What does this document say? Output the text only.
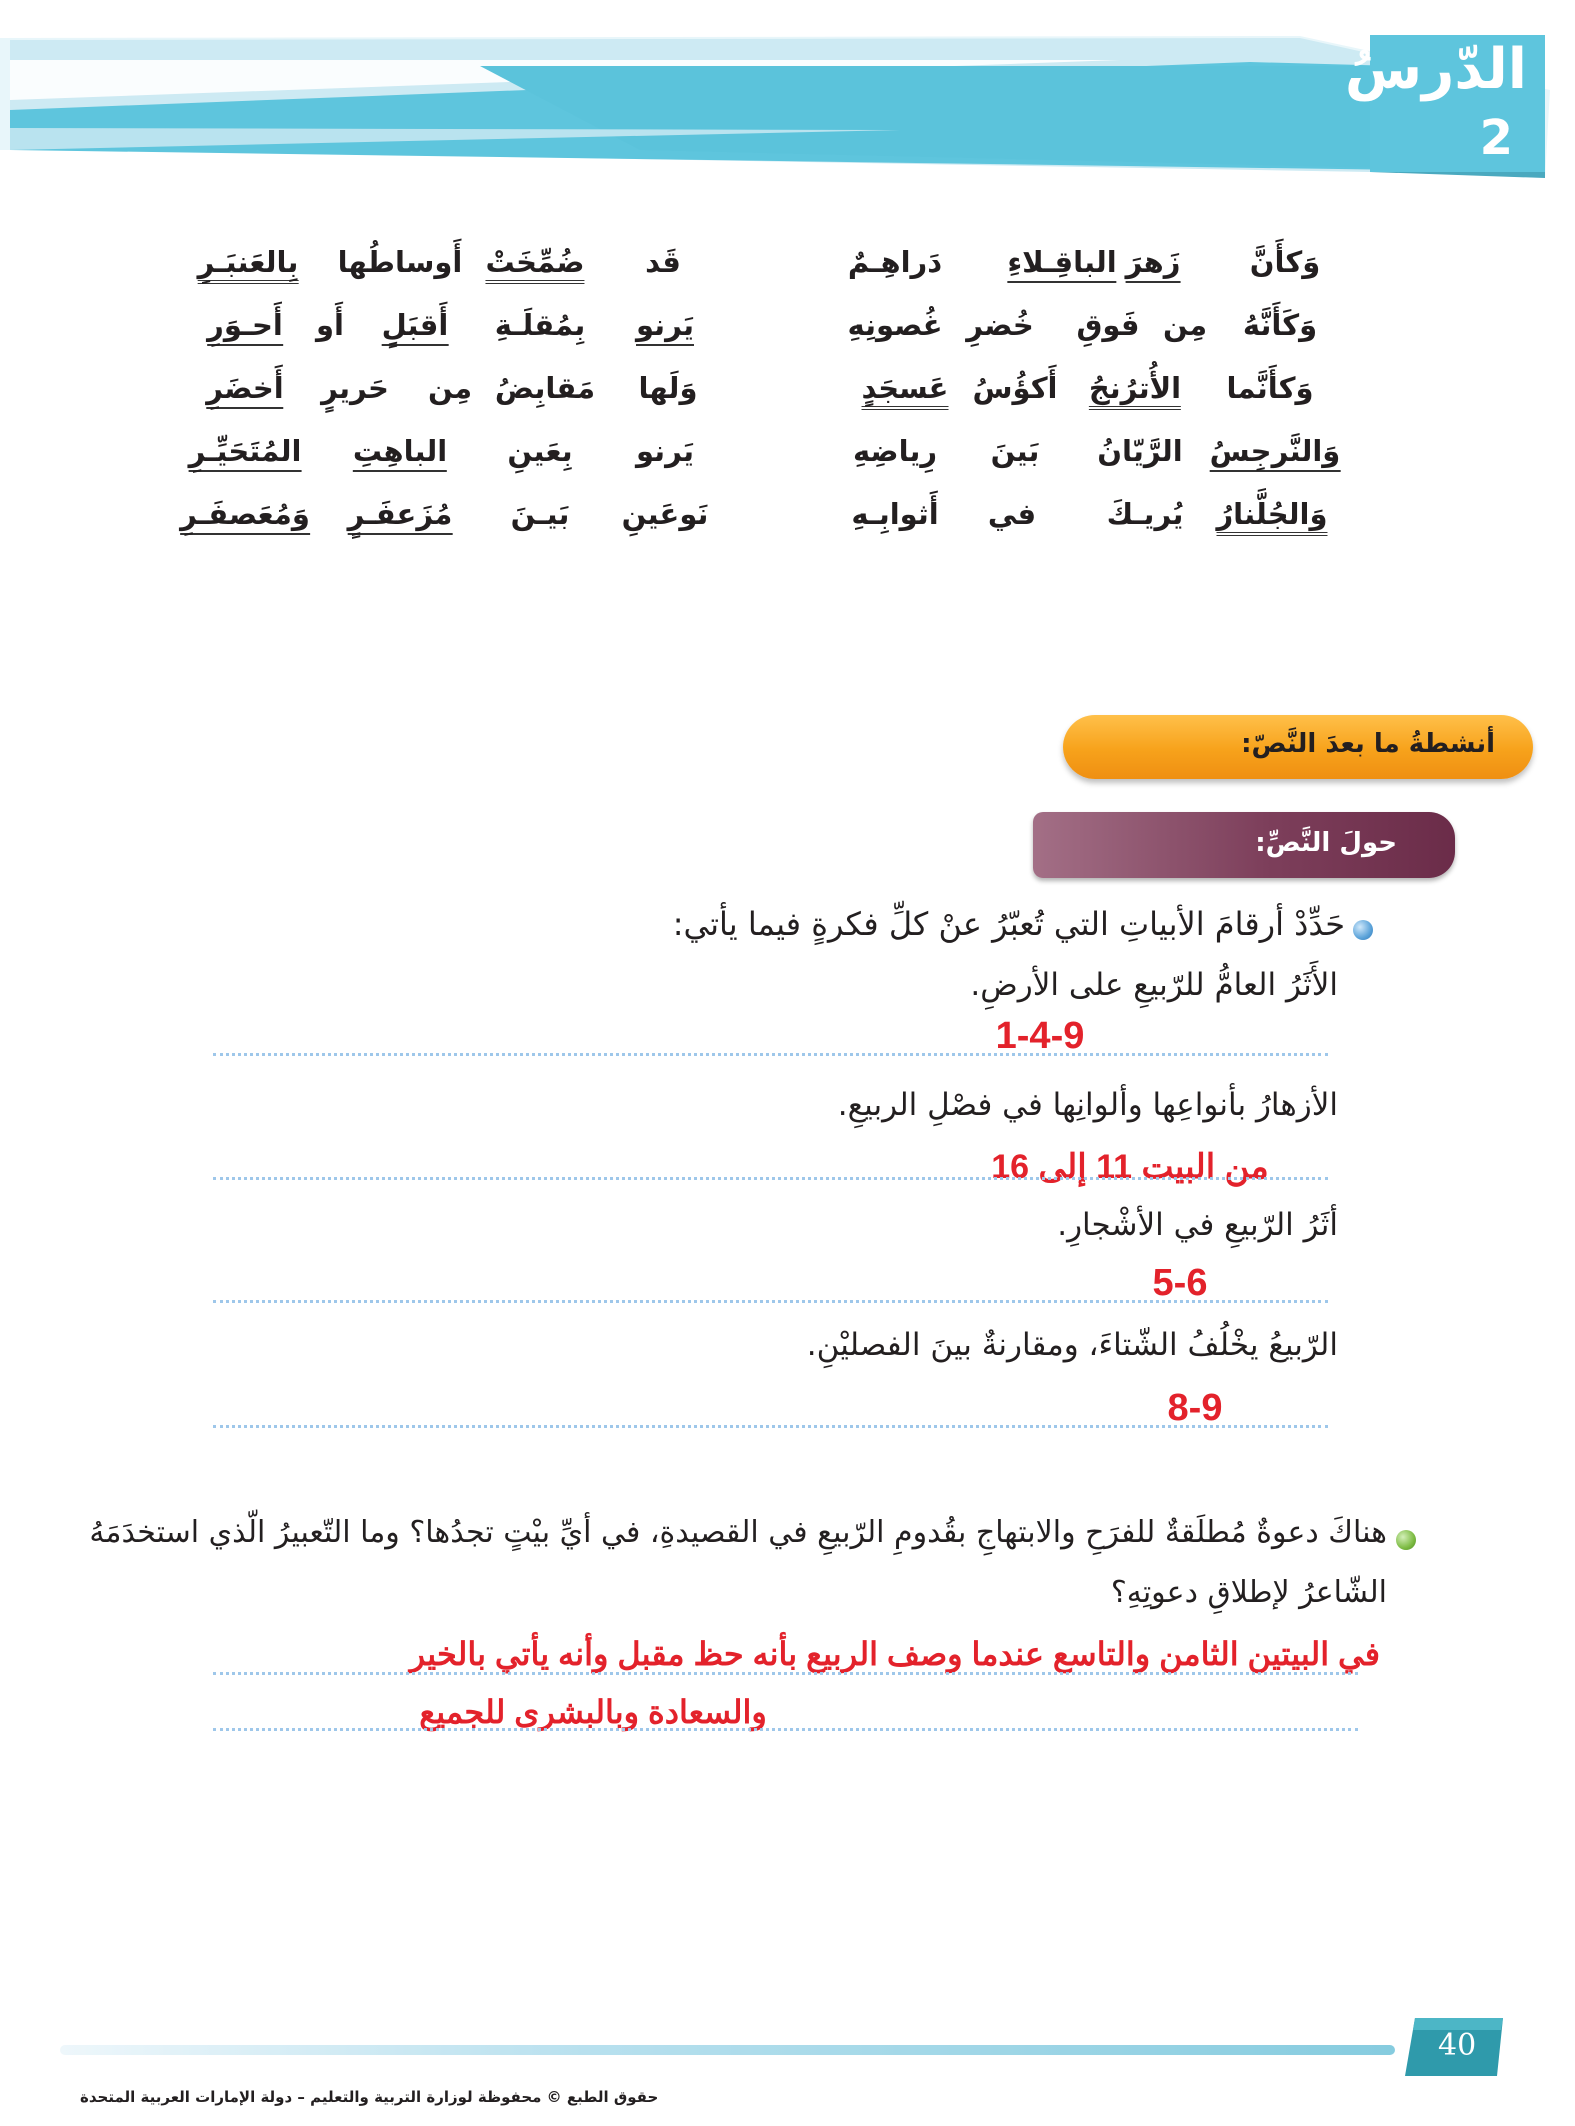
الدّرسُ
2
وَكأَنَّ
زَهرَ
الباقِـلاءِ
دَراهِـمٌ
قَد
ضُمِّخَتْ
أَوساطُها
بِالعَنبَـرِ
وَكَأَنَّهُ
مِن
فَوقِ
خُضرِ
غُصونِهِ
يَرنو
بِمُقلَـةِ
أَقبَلٍ
أَو
أَحـوَرِ
وَكأَنَّما
الأُترُنجُ
أَكؤُسُ
عَسجَدٍ
وَلَها
مَقابِضُ
مِن
حَريرٍ
أَخضَرِ
وَالنَّرجِسُ
الرَّيّانُ
بَينَ
رِياضِهِ
يَرنو
بِعَينِ
الباهِتِ
المُتَحَيِّـرِ
وَالجُلَّنارُ
يُريـكَ
في
أَثوابِـهِ
نَوعَينِ
بَيـنَ
مُزَعفَـرٍ
وَمُعَصفَـرِ
أنشطةُ ما بعدَ النَّصّ:
حولَ النَّصِّ:
حَدِّدْ أرقامَ الأبياتِ التي تُعبّرُ عنْ كلِّ فكرةٍ فيما يأتي:
الأَثَرُ العامُّ للرّبيعِ على الأرضِ.
1-4-9
الأزهارُ بأنواعِها وألوانِها في فصْلِ الربيعِ.
من البيت 11 إلى 16
أثَرُ الرّبيعِ في الأشْجارِ.
5-6
الرّبيعُ يخْلُفُ الشّتاءَ، ومقارنةٌ بينَ الفصليْنِ.
8-9
هناكَ دعوةٌ مُطلَقةٌ للفرَحِ والابتهاجِ بقُدومِ الرّبيعِ في القصيدةِ، في أيِّ بيْتٍ تجدُها؟ وما التّعبيرُ الّذي استخدَمَهُ
الشّاعرُ لإطلاقِ دعوتِهِ؟
في البيتين الثامن والتاسع عندما وصف الربيع بأنه حظ مقبل وأنه يأتي بالخير
والسعادة وبالبشرى للجميع
40
حقوق الطبع © محفوظة لوزارة التربية والتعليم – دولة الإمارات العربية المتحدة
